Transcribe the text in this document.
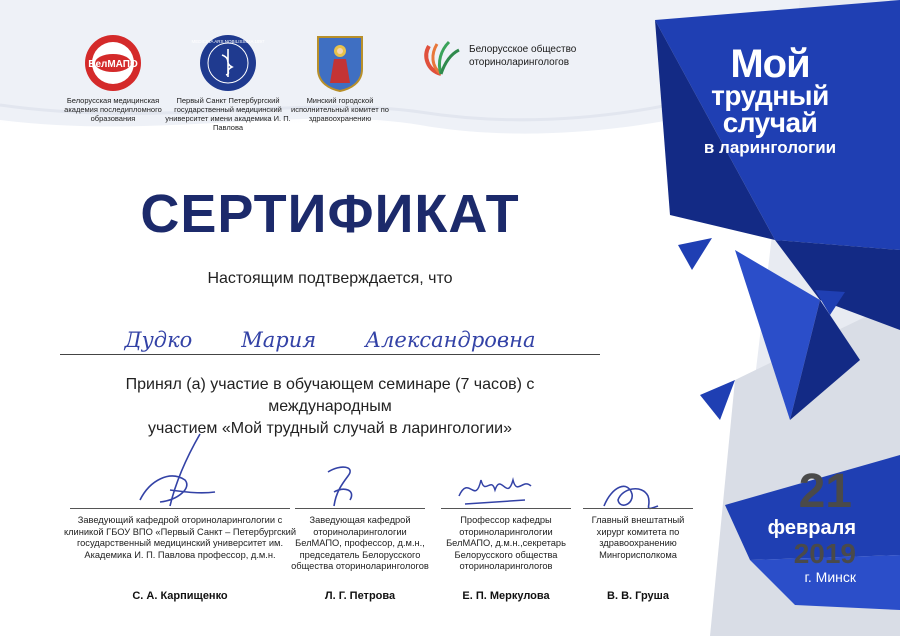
БелМАПО
Белорусская медицинская академия последипломного образования
MEDICINA ARS NOBILISSIMA 1897
Первый Санкт Петербургский государственный медицинский университет имени академика И. П. Павлова
Минский городской исполнительный комитет по здравоохранению
Белорусское общество оториноларингологов	Мой
трудный
случай
в ларингологии
СЕРТИФИКАТ
Настоящим подтверждается, что
Дудко Мария Александровна
Принял (а) участие в обучающем семинаре (7 часов) с международным
участием «Мой трудный случай в ларингологии»
Заведующий кафедрой оториноларингологии с клиникой ГБОУ ВПО «Первый Санкт – Петербургский государственный медицинский университет им. Академика И. П. Павлова профессор, д.м.н.
С. А. Карпищенко
Заведующая кафедрой оториноларингологии БелМАПО, профессор, д.м.н., председатель Белорусского общества оториноларингологов
Л. Г. Петрова
Профессор кафедры оториноларингологии БелМАПО, д.м.н.,секретарь Белорусского общества оториноларингологов
Е. П. Меркулова
Главный внештатный хирург комитета по здравоохранению Мингорисполкома
В. В. Груша
21
февраля
2019
г. Минск
